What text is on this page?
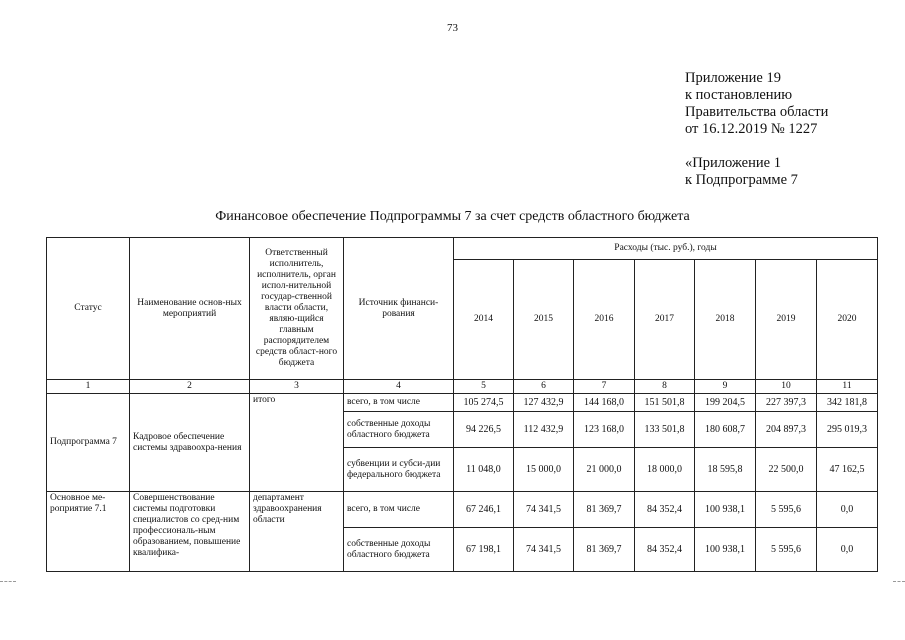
73
Приложение 19
к постановлению
Правительства области
от 16.12.2019 № 1227
«Приложение 1
к Подпрограмме 7
Финансовое обеспечение Подпрограммы 7 за счет средств областного бюджета
Статус	Наименование основ-ных мероприятий	Ответственный исполнитель, исполнитель, орган испол-нительной государ-ственной власти области, являю-щийся главным распорядителем средств област-ного бюджета	Источник финанси-рования	Расходы (тыс. руб.), годы						
				2014	2015	2016	2017	2018	2019	2020
1	2	3	4	5	6	7	8	9	10	11
Подпрограмма 7	Кадровое обеспечение системы здравоохра-нения	итого	всего, в том числе	105 274,5	127 432,9	144 168,0	151 501,8	199 204,5	227 397,3	342 181,8
			собственные доходы областного бюджета	94 226,5	112 432,9	123 168,0	133 501,8	180 608,7	204 897,3	295 019,3
			субвенции и субси-дии федерального бюджета	11 048,0	15 000,0	21 000,0	18 000,0	18 595,8	22 500,0	47 162,5
Основное ме-роприятие 7.1	Совершенствование системы подготовки специалистов со сред-ним профессиональ-ным образованием, повышение квалифика-	департамент здравоохранения области	всего, в том числе	67 246,1	74 341,5	81 369,7	84 352,4	100 938,1	5 595,6	0,0
			собственные доходы областного бюджета	67 198,1	74 341,5	81 369,7	84 352,4	100 938,1	5 595,6	0,0
